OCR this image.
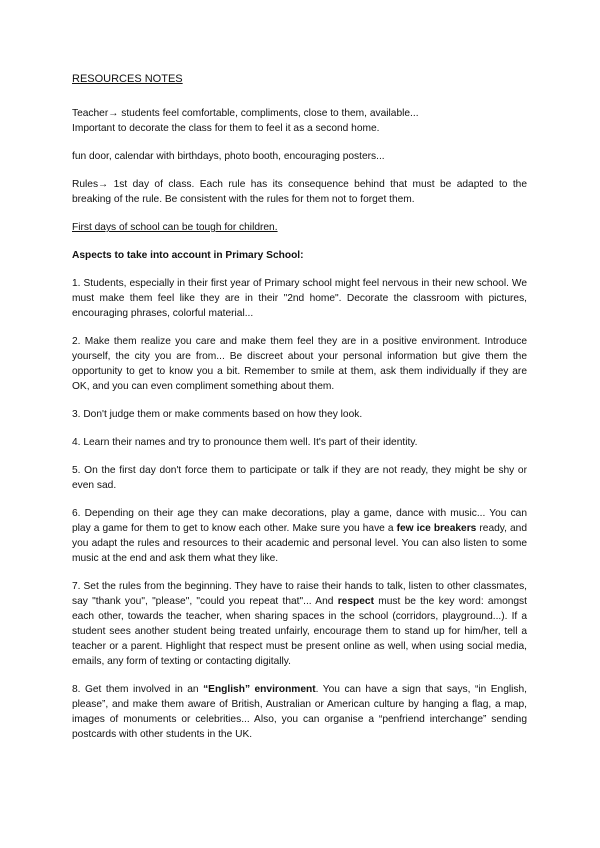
RESOURCES NOTES

Teacher→ students feel comfortable, compliments, close to them, available...
Important to decorate the class for them to feel it as a second home.

fun door, calendar with birthdays, photo booth, encouraging posters...

Rules→ 1st day of class. Each rule has its consequence behind that must be adapted to the breaking of the rule. Be consistent with the rules for them not to forget them.

First days of school can be tough for children.

Aspects to take into account in Primary School:

1. Students, especially in their first year of Primary school might feel nervous in their new school. We must make them feel like they are in their "2nd home". Decorate the classroom with pictures, encouraging phrases, colorful material...

2. Make them realize you care and make them feel they are in a positive environment. Introduce yourself, the city you are from... Be discreet about your personal information but give them the opportunity to get to know you a bit. Remember to smile at them, ask them individually if they are OK, and you can even compliment something about them.

3. Don't judge them or make comments based on how they look.

4. Learn their names and try to pronounce them well. It's part of their identity.

5. On the first day don't force them to participate or talk if they are not ready, they might be shy or even sad.

6. Depending on their age they can make decorations, play a game, dance with music... You can play a game for them to get to know each other. Make sure you have a few ice breakers ready, and you adapt the rules and resources to their academic and personal level. You can also listen to some music at the end and ask them what they like.

7. Set the rules from the beginning. They have to raise their hands to talk, listen to other classmates, say "thank you", "please", "could you repeat that"... And respect must be the key word: amongst each other, towards the teacher, when sharing spaces in the school (corridors, playground...). If a student sees another student being treated unfairly, encourage them to stand up for him/her, tell a teacher or a parent. Highlight that respect must be present online as well, when using social media, emails, any form of texting or contacting digitally.

8. Get them involved in an “English” environment. You can have a sign that says, “in English, please”, and make them aware of British, Australian or American culture by hanging a flag, a map, images of monuments or celebrities... Also, you can organise a “penfriend interchange” sending postcards with other students in the UK.
